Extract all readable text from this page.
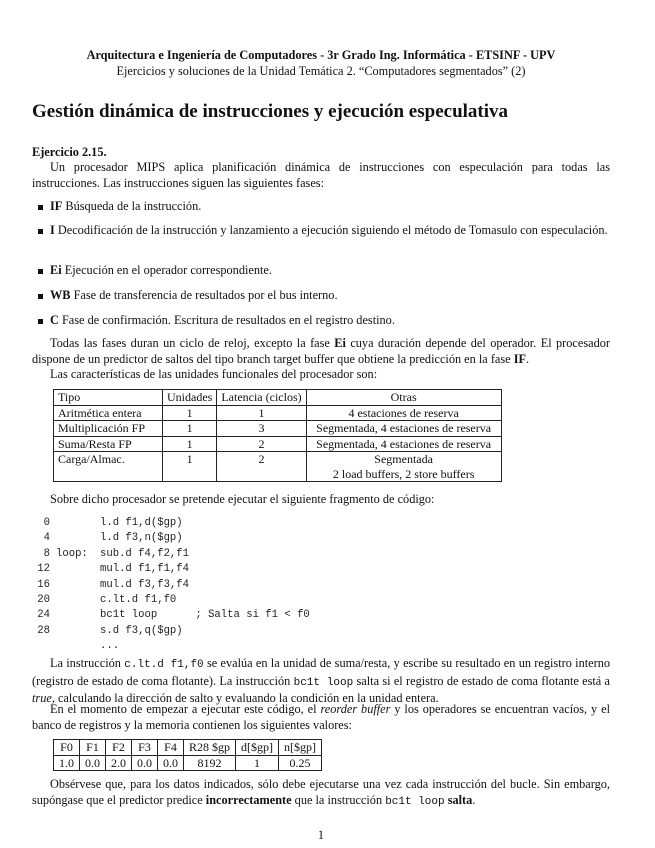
Arquitectura e Ingeniería de Computadores - 3r Grado Ing. Informática - ETSINF - UPV
Ejercicios y soluciones de la Unidad Temática 2. “Computadores segmentados” (2)
Gestión dinámica de instrucciones y ejecución especulativa
Ejercicio 2.15.
Un procesador MIPS aplica planificación dinámica de instrucciones con especulación para todas las instrucciones. Las instrucciones siguen las siguientes fases:
IF Búsqueda de la instrucción.
I Decodificación de la instrucción y lanzamiento a ejecución siguiendo el método de Tomasulo con especulación.
Ei Ejecución en el operador correspondiente.
WB Fase de transferencia de resultados por el bus interno.
C Fase de confirmación. Escritura de resultados en el registro destino.
Todas las fases duran un ciclo de reloj, excepto la fase Ei cuya duración depende del operador. El procesador dispone de un predictor de saltos del tipo branch target buffer que obtiene la predicción en la fase IF.
Las características de las unidades funcionales del procesador son:
Tipo	Unidades	Latencia (ciclos)	Otras
Aritmética entera	1	1	4 estaciones de reserva
Multiplicación FP	1	3	Segmentada, 4 estaciones de reserva
Suma/Resta FP	1	2	Segmentada, 4 estaciones de reserva
Carga/Almac.	1	2	Segmentada
2 load buffers, 2 store buffers
Sobre dicho procesador se pretende ejecutar el siguiente fragmento de código:
0	l.d f1,d($gp)
4	l.d f3,n($gp)
8 loop: sub.d f4,f2,f1
12	mul.d f1,f1,f4
16	mul.d f3,f3,f4
20	c.lt.d f1,f0
24	bc1t loop      ; Salta si f1 < f0
28	s.d f3,q($gp)
...
La instrucción c.lt.d f1,f0 se evalúa en la unidad de suma/resta, y escribe su resultado en un registro interno (registro de estado de coma flotante). La instrucción bc1t loop salta si el registro de estado de coma flotante está a true, calculando la dirección de salto y evaluando la condición en la unidad entera.
En el momento de empezar a ejecutar este código, el reorder buffer y los operadores se encuentran vacíos, y el banco de registros y la memoria contienen los siguientes valores:
F0	F1	F2	F3	F4	R28 $gp	d[$gp]	n[$gp]
1.0	0.0	2.0	0.0	0.0	8192	1	0.25
Obsérvese que, para los datos indicados, sólo debe ejecutarse una vez cada instrucción del bucle. Sin embargo, supóngase que el predictor predice incorrectamente que la instrucción bc1t loop salta.
1
